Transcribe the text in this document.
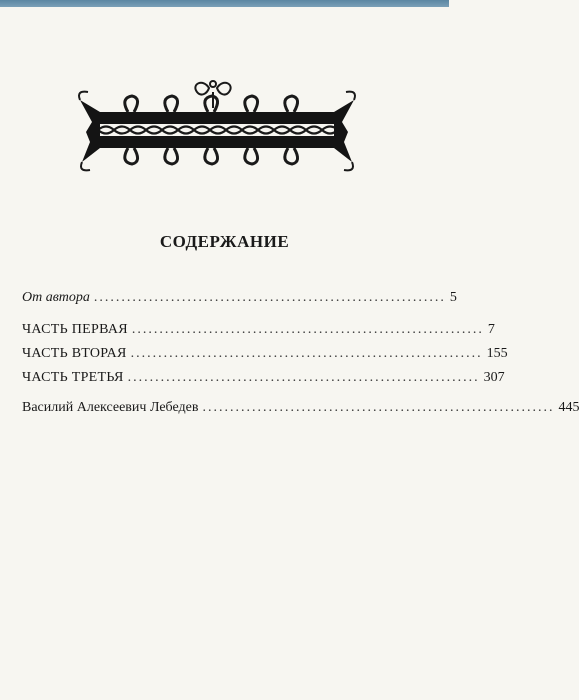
СОДЕРЖАНИЕ
От автора ................................................................ 5
ЧАСТЬ ПЕРВАЯ ................................................................ 7
ЧАСТЬ ВТОРАЯ ................................................................ 155
ЧАСТЬ ТРЕТЬЯ ................................................................ 307
Василий Алексеевич Лебедев ................................................................ 445
